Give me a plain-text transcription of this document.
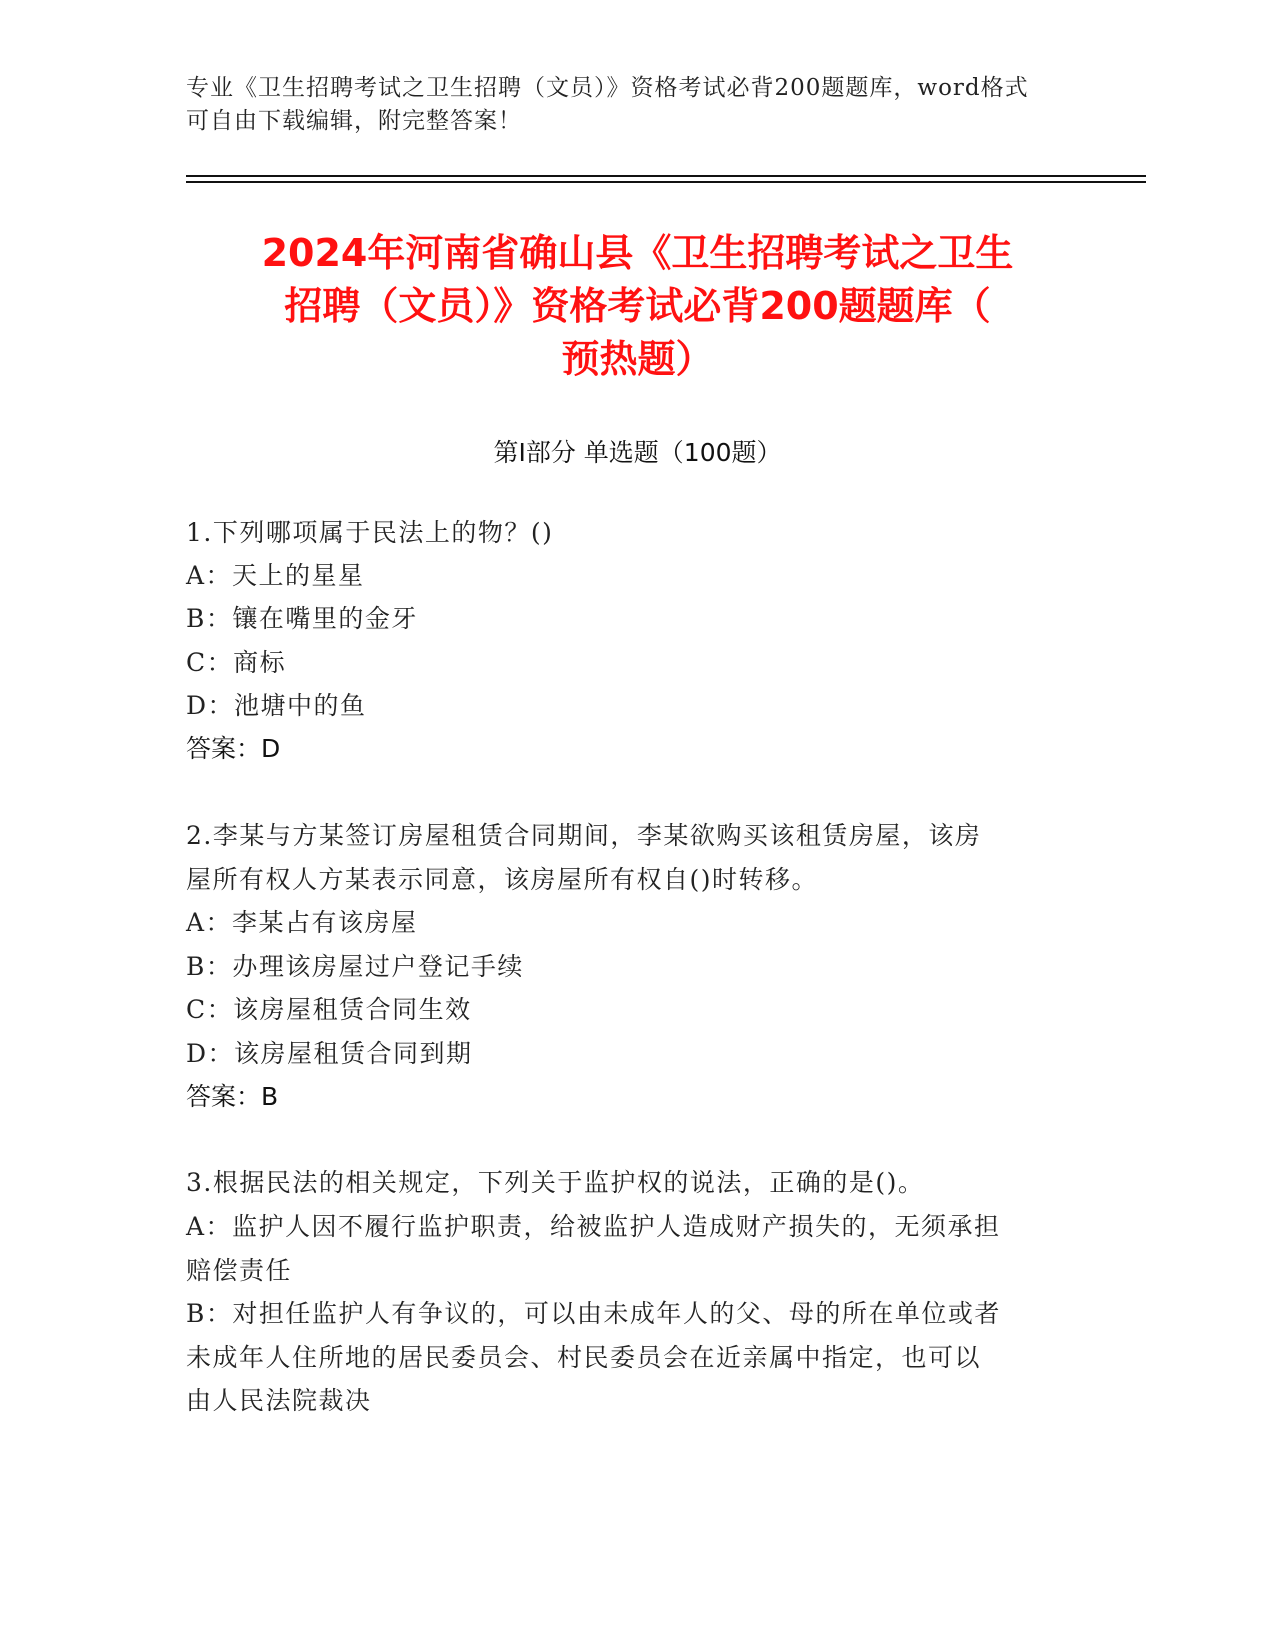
专业《卫生招聘考试之卫生招聘（文员）》资格考试必背200题题库，word格式
可自由下载编辑，附完整答案！
2024年河南省确山县《卫生招聘考试之卫生
招聘（文员）》资格考试必背200题题库（
预热题）
第I部分 单选题（100题）
1.下列哪项属于民法上的物？()
A：天上的星星
B：镶在嘴里的金牙
C：商标
D：池塘中的鱼
答案：D
2.李某与方某签订房屋租赁合同期间，李某欲购买该租赁房屋，该房
屋所有权人方某表示同意，该房屋所有权自()时转移。
A：李某占有该房屋
B：办理该房屋过户登记手续
C：该房屋租赁合同生效
D：该房屋租赁合同到期
答案：B
3.根据民法的相关规定，下列关于监护权的说法，正确的是()。
A：监护人因不履行监护职责，给被监护人造成财产损失的，无须承担
赔偿责任
B：对担任监护人有争议的，可以由未成年人的父、母的所在单位或者
未成年人住所地的居民委员会、村民委员会在近亲属中指定，也可以
由人民法院裁决
